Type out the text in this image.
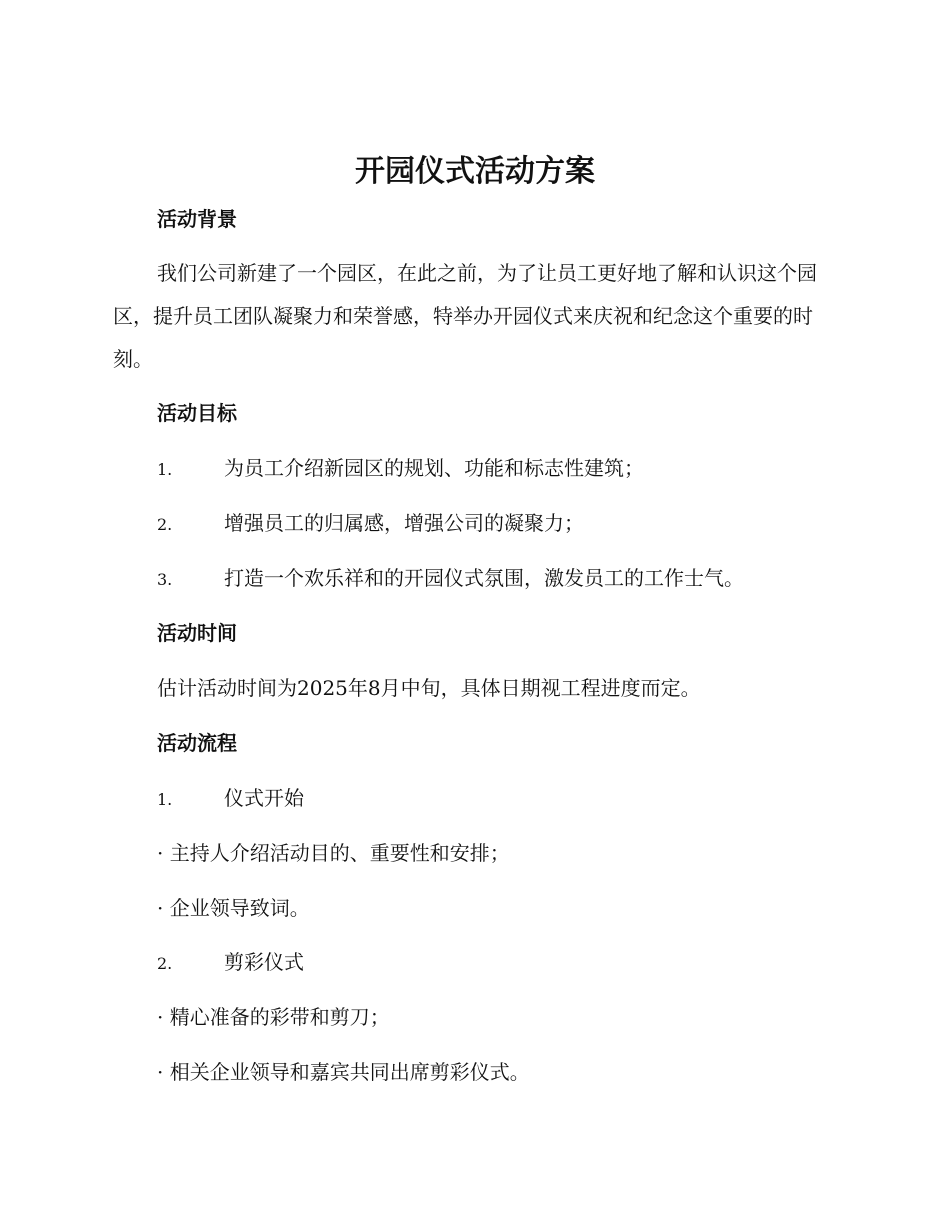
开园仪式活动方案
活动背景

我们公司新建了一个园区，在此之前，为了让员工更好地了解和认识这个园区，提升员工团队凝聚力和荣誉感，特举办开园仪式来庆祝和纪念这个重要的时刻。

活动目标
1.	为员工介绍新园区的规划、功能和标志性建筑；
2.	增强员工的归属感，增强公司的凝聚力；
3.	打造一个欢乐祥和的开园仪式氛围，激发员工的工作士气。
活动时间

估计活动时间为2025年8月中旬，具体日期视工程进度而定。

活动流程
1.	仪式开始
· 主持人介绍活动目的、重要性和安排；
· 企业领导致词。
2.	剪彩仪式
· 精心准备的彩带和剪刀；
· 相关企业领导和嘉宾共同出席剪彩仪式。
